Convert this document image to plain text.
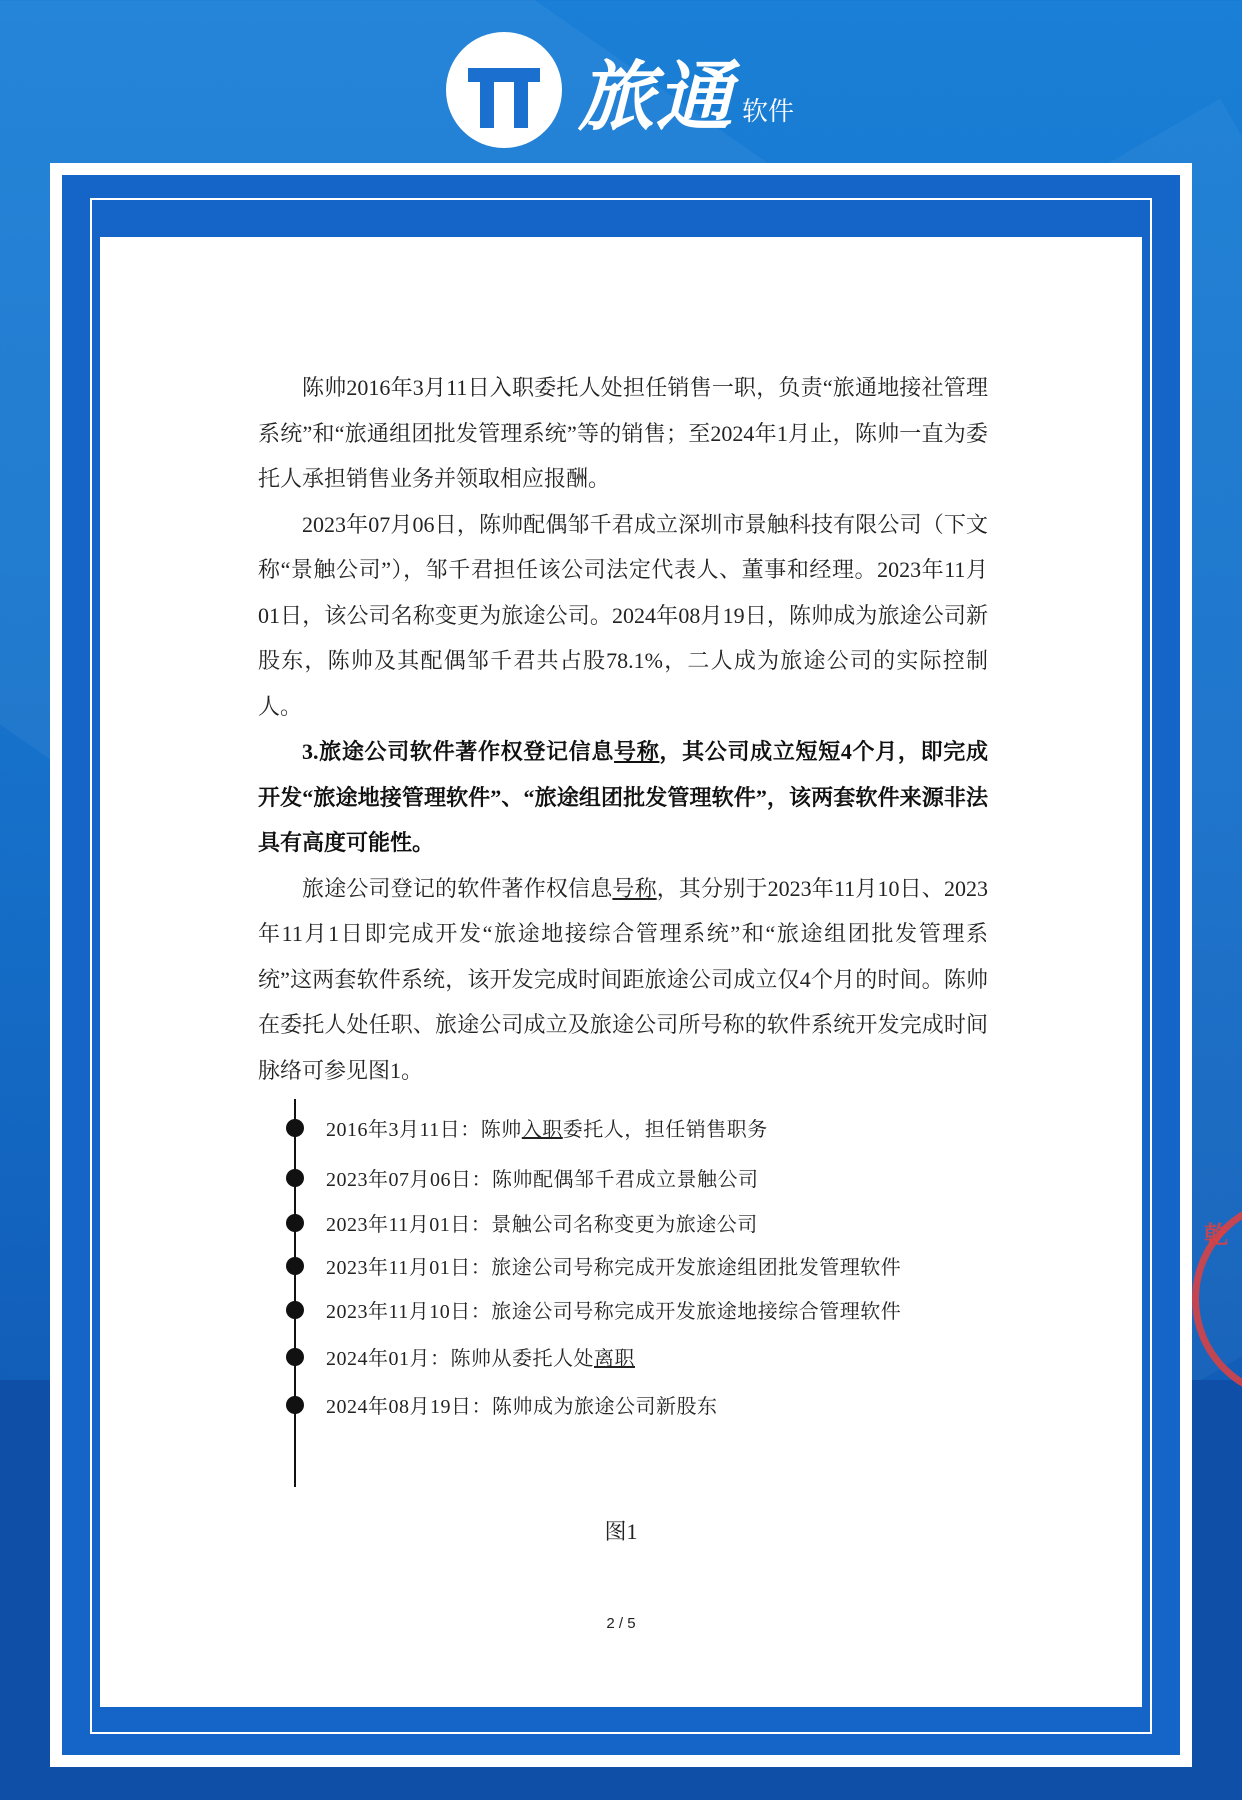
旅通 软件

陈帅2016年3月11日入职委托人处担任销售一职，负责“旅通地接社管理系统”和“旅通组团批发管理系统”等的销售；至2024年1月止，陈帅一直为委托人承担销售业务并领取相应报酬。

2023年07月06日，陈帅配偶邹千君成立深圳市景触科技有限公司（下文称“景触公司”），邹千君担任该公司法定代表人、董事和经理。2023年11月01日，该公司名称变更为旅途公司。2024年08月19日，陈帅成为旅途公司新股东，陈帅及其配偶邹千君共占股78.1%，二人成为旅途公司的实际控制人。

3.旅途公司软件著作权登记信息号称，其公司成立短短4个月，即完成开发“旅途地接管理软件”、“旅途组团批发管理软件”，该两套软件来源非法具有高度可能性。

旅途公司登记的软件著作权信息号称，其分别于2023年11月10日、2023年11月1日即完成开发“旅途地接综合管理系统”和“旅途组团批发管理系统”这两套软件系统，该开发完成时间距旅途公司成立仅4个月的时间。陈帅在委托人处任职、旅途公司成立及旅途公司所号称的软件系统开发完成时间脉络可参见图1。

2016年3月11日：陈帅入职委托人，担任销售职务
2023年07月06日：陈帅配偶邹千君成立景触公司
2023年11月01日：景触公司名称变更为旅途公司
2023年11月01日：旅途公司号称完成开发旅途组团批发管理软件
2023年11月10日：旅途公司号称完成开发旅途地接综合管理软件
2024年01月：陈帅从委托人处离职
2024年08月19日：陈帅成为旅途公司新股东
图1
2 / 5
乾
